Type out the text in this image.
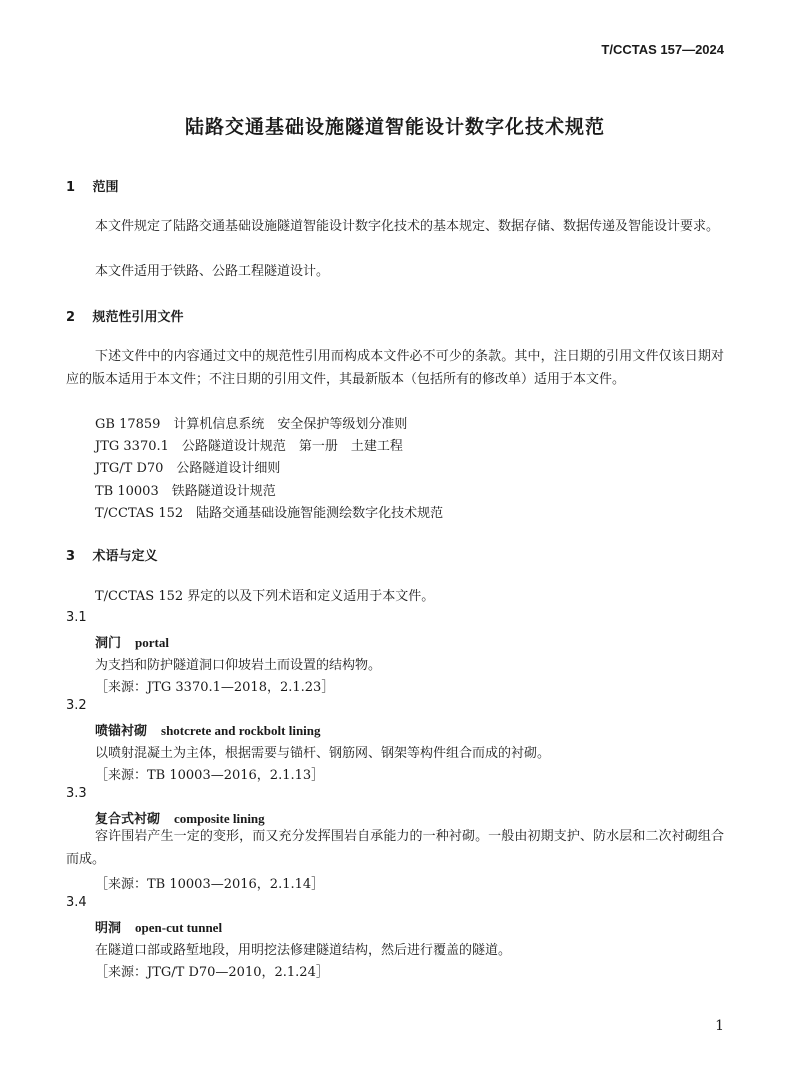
T/CCTAS 157—2024
陆路交通基础设施隧道智能设计数字化技术规范
1 范围
本文件规定了陆路交通基础设施隧道智能设计数字化技术的基本规定、数据存储、数据传递及智能设计要求。
本文件适用于铁路、公路工程隧道设计。
2 规范性引用文件
下述文件中的内容通过文中的规范性引用而构成本文件必不可少的条款。其中，注日期的引用文件仅该日期对应的版本适用于本文件；不注日期的引用文件，其最新版本（包括所有的修改单）适用于本文件。
GB 17859　计算机信息系统　安全保护等级划分准则
JTG 3370.1　公路隧道设计规范　第一册　土建工程
JTG/T D70　公路隧道设计细则
TB 10003　铁路隧道设计规范
T/CCTAS 152　陆路交通基础设施智能测绘数字化技术规范
3 术语与定义
T/CCTAS 152 界定的以及下列术语和定义适用于本文件。
3.1
洞门 portal
为支挡和防护隧道洞口仰坡岩土而设置的结构物。
［来源：JTG 3370.1—2018，2.1.23］
3.2
喷锚衬砌 shotcrete and rockbolt lining
以喷射混凝土为主体，根据需要与锚杆、钢筋网、钢架等构件组合而成的衬砌。
［来源：TB 10003—2016，2.1.13］
3.3
复合式衬砌 composite lining
容许围岩产生一定的变形，而又充分发挥围岩自承能力的一种衬砌。一般由初期支护、防水层和二次衬砌组合而成。
［来源：TB 10003—2016，2.1.14］
3.4
明洞 open-cut tunnel
在隧道口部或路堑地段，用明挖法修建隧道结构，然后进行覆盖的隧道。
［来源：JTG/T D70—2010，2.1.24］
1
